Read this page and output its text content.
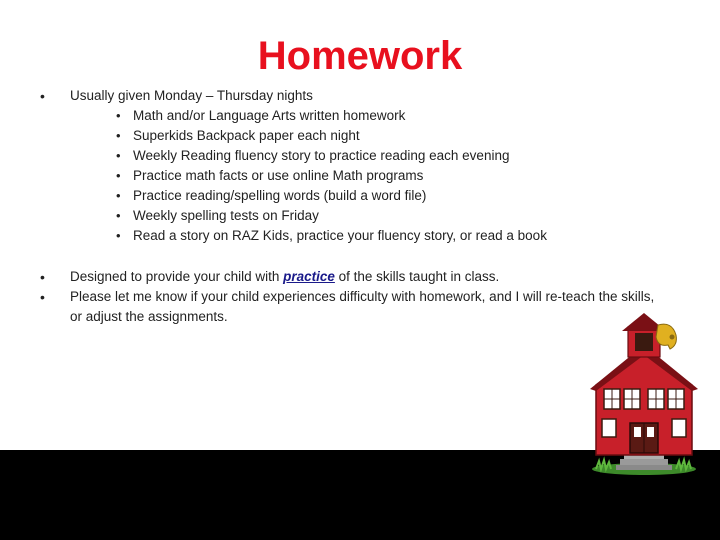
Homework
• Usually given Monday – Thursday nights
• Math and/or Language Arts written homework
• Superkids Backpack paper each night
• Weekly Reading fluency story to practice reading each evening
• Practice math facts or use online Math programs
• Practice reading/spelling words (build a word file)
• Weekly spelling tests on Friday
• Read a story on RAZ Kids, practice your fluency story, or read a book
• Designed to provide your child with practice of the skills taught in class.
• Please let me know if your child experiences difficulty with homework, and I will re-teach the skills,
or adjust the assignments.
